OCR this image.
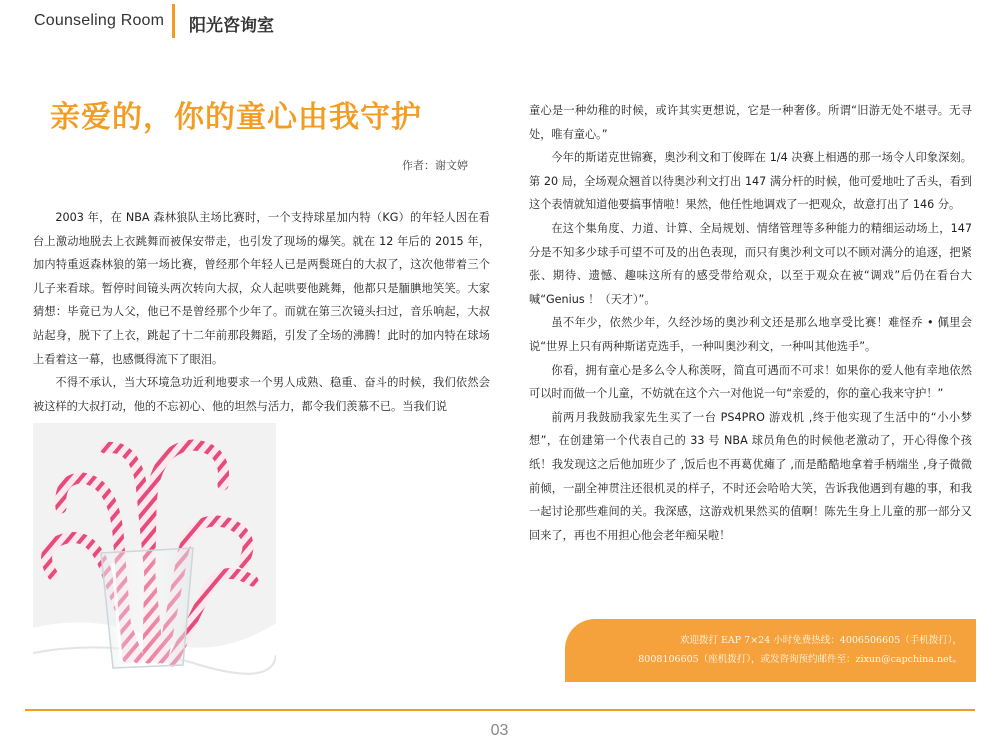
Counseling Room 阳光咨询室
亲爱的，你的童心由我守护
作者：谢文婷

2003 年，在 NBA 森林狼队主场比赛时，一个支持球星加内特（KG）的年轻人因在看台上激动地脱去上衣跳舞而被保安带走，也引发了现场的爆笑。就在 12 年后的 2015 年，加内特重返森林狼的第一场比赛，曾经那个年轻人已是两鬓斑白的大叔了，这次他带着三个儿子来看球。暂停时间镜头两次转向大叔，众人起哄要他跳舞，他都只是腼腆地笑笑。大家猜想：毕竟已为人父，他已不是曾经那个少年了。而就在第三次镜头扫过，音乐响起，大叔站起身，脱下了上衣，跳起了十二年前那段舞蹈，引发了全场的沸腾！此时的加内特在球场上看着这一幕，也感慨得流下了眼泪。

不得不承认，当大环境急功近利地要求一个男人成熟、稳重、奋斗的时候，我们依然会被这样的大叔打动，他的不忘初心、他的坦然与活力，都令我们羡慕不已。当我们说

童心是一种幼稚的时候，或许其实更想说，它是一种奢侈。所谓“旧游无处不堪寻。无寻处，唯有童心。”

今年的斯诺克世锦赛，奥沙利文和丁俊晖在 1/4 决赛上相遇的那一场令人印象深刻。第 20 局，全场观众翘首以待奥沙利文打出 147 满分杆的时候，他可爱地吐了舌头，看到这个表情就知道他要搞事情啦！果然，他任性地调戏了一把观众，故意打出了 146 分。

在这个集角度、力道、计算、全局规划、情绪管理等多种能力的精细运动场上，147 分是不知多少球手可望不可及的出色表现，而只有奥沙利文可以不顾对满分的追逐，把紧张、期待、遗憾、趣味这所有的感受带给观众，以至于观众在被“调戏”后仍在看台大喊“Genius ！（天才）”。

虽不年少，依然少年，久经沙场的奥沙利文还是那么地享受比赛！难怪乔 • 佩里会说“世界上只有两种斯诺克选手，一种叫奥沙利文，一种叫其他选手”。

你看，拥有童心是多么令人称羡呀，简直可遇而不可求！如果你的爱人他有幸地依然可以时而做一个儿童，不妨就在这个六一对他说一句“亲爱的，你的童心我来守护！”

前两月我鼓励我家先生买了一台 PS4PRO 游戏机 ,终于他实现了生活中的“小小梦想”，在创建第一个代表自己的 33 号 NBA 球员角色的时候他老激动了，开心得像个孩纸！我发现这之后他加班少了 ,饭后也不再葛优瘫了 ,而是酷酷地拿着手柄端坐 ,身子微微前倾，一副全神贯注还很机灵的样子，不时还会哈哈大笑，告诉我他遇到有趣的事，和我一起讨论那些难间的关。我深感，这游戏机果然买的值啊！陈先生身上儿童的那一部分又回来了，再也不用担心他会老年痴呆啦！

欢迎拨打 EAP 7×24 小时免费热线：4006506605（手机拨打），
8008106605（座机拨打），或发咨询预约邮件至：zixun@capchina.net。
03
